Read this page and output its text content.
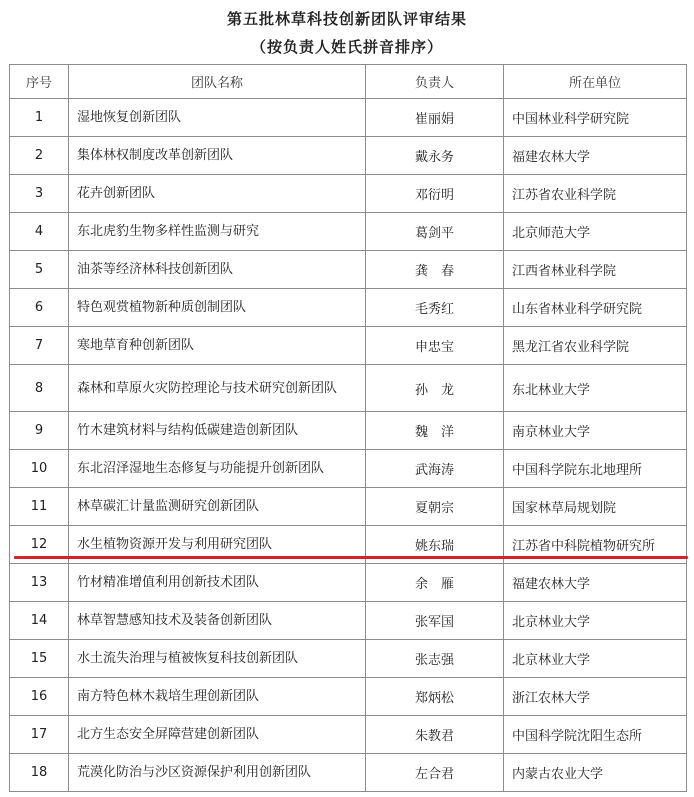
第五批林草科技创新团队评审结果
（按负责人姓氏拼音排序）
序号	团队名称	负责人	所在单位
1	湿地恢复创新团队	崔丽娟	中国林业科学研究院
2	集体林权制度改革创新团队	戴永务	福建农林大学
3	花卉创新团队	邓衍明	江苏省农业科学院
4	东北虎豹生物多样性监测与研究	葛剑平	北京师范大学
5	油茶等经济林科技创新团队	龚　春	江西省林业科学院
6	特色观赏植物新种质创制团队	毛秀红	山东省林业科学研究院
7	寒地草育种创新团队	申忠宝	黑龙江省农业科学院
8	森林和草原火灾防控理论与技术研究创新团队	孙　龙	东北林业大学
9	竹木建筑材料与结构低碳建造创新团队	魏　洋	南京林业大学
10	东北沼泽湿地生态修复与功能提升创新团队	武海涛	中国科学院东北地理所
11	林草碳汇计量监测研究创新团队	夏朝宗	国家林草局规划院
12	水生植物资源开发与利用研究团队	姚东瑞	江苏省中科院植物研究所
13	竹材精准增值利用创新技术团队	余　雁	福建农林大学
14	林草智慧感知技术及装备创新团队	张军国	北京林业大学
15	水土流失治理与植被恢复科技创新团队	张志强	北京林业大学
16	南方特色林木栽培生理创新团队	郑炳松	浙江农林大学
17	北方生态安全屏障营建创新团队	朱教君	中国科学院沈阳生态所
18	荒漠化防治与沙区资源保护利用创新团队	左合君	内蒙古农业大学
